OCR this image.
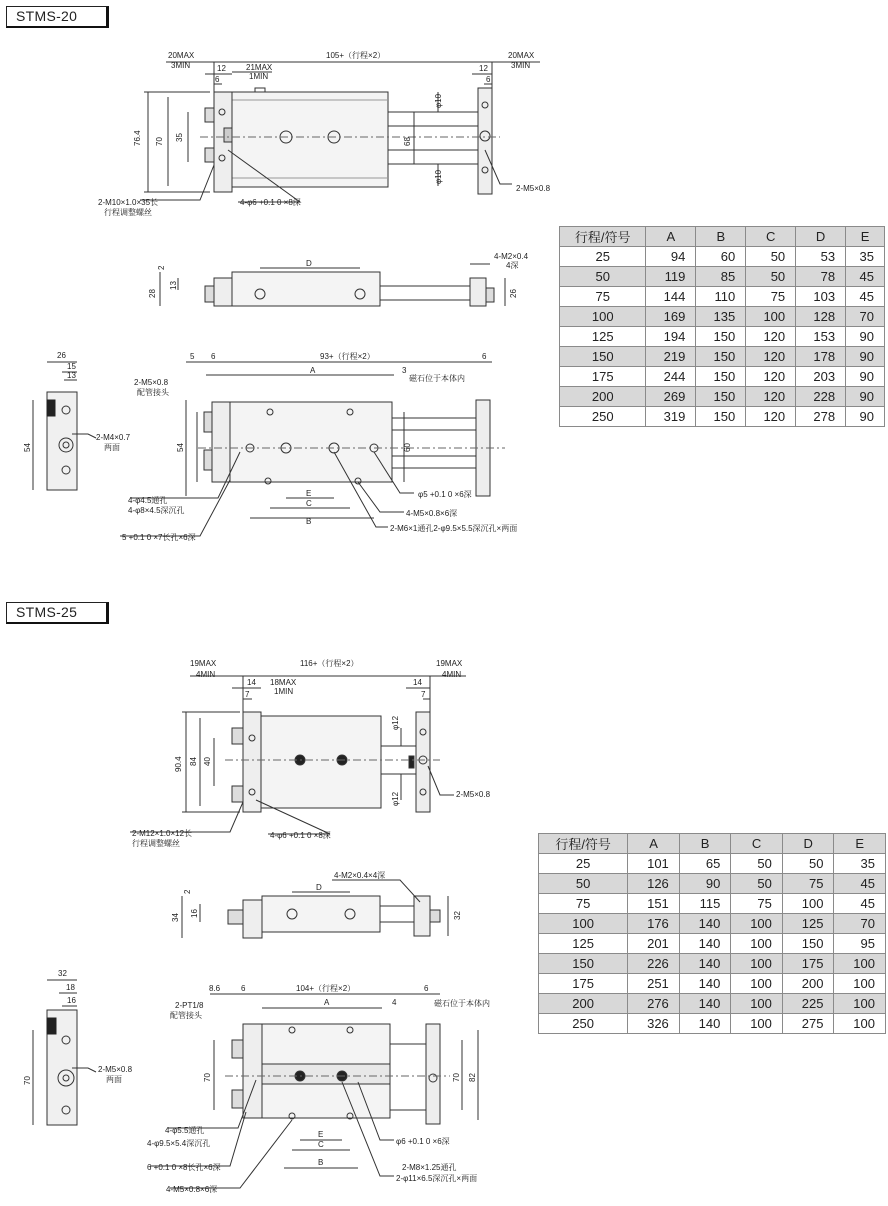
STMS-20
STMS-25
20MAX
3MIN
105+（行程×2）	20MAX
3MIN
12
6
21MAX
1MIN
12
6
76.4 70 35	68
φ10
φ10
2-M10×1.0×35长
行程调整螺丝
4-φ6 +0.1 0 ×8深
2-M5×0.8
2
28
13
D
26
4-M2×0.4
4深
26
15
13
54
2-M4×0.7
两面
5 6	93+（行程×2）	6
A	3
磁石位于本体内
2-M5×0.8
配管接头
54	60
E
C
B
4-φ4.5通孔
4-φ8×4.5深沉孔
φ5 +0.1 0 ×6深
4-M5×0.8×6深
2-M6×1通孔2-φ9.5×5.5深沉孔×两面
5 +0.1 0 ×7长孔×6深
19MAX
4MIN
116+（行程×2）	19MAX
4MIN
14
7
18MAX
1MIN
14
7
90.4 84 40
φ12
φ12
2-M12×1.0×12长
行程调整螺丝
4-φ6 +0.1 0 ×8深
2-M5×0.8
2
34 16
D
32
4-M2×0.4×4深
32
18
16
70
2-M5×0.8
两面
8.6	6	104+（行程×2）	6
A	4	磁石位于本体内
2-PT1/8
配管接头
70	70 82
E
C
B
4-φ5.5通孔
4-φ9.5×5.4深沉孔	φ6 +0.1 0 ×6深
6 +0.1 0 ×8长孔×6深
4-M5×0.8×6深
2-M8×1.25通孔
2-φ11×6.5深沉孔×两面
行程/符号	A	B	C	D	E
25	94	60	50	53	35
50	119	85	50	78	45
75	144	110	75	103	45
100	169	135	100	128	70
125	194	150	120	153	90
150	219	150	120	178	90
175	244	150	120	203	90
200	269	150	120	228	90
250	319	150	120	278	90
行程/符号	A	B	C	D	E
25	101	65	50	50	35
50	126	90	50	75	45
75	151	115	75	100	45
100	176	140	100	125	70
125	201	140	100	150	95
150	226	140	100	175	100
175	251	140	100	200	100
200	276	140	100	225	100
250	326	140	100	275	100
